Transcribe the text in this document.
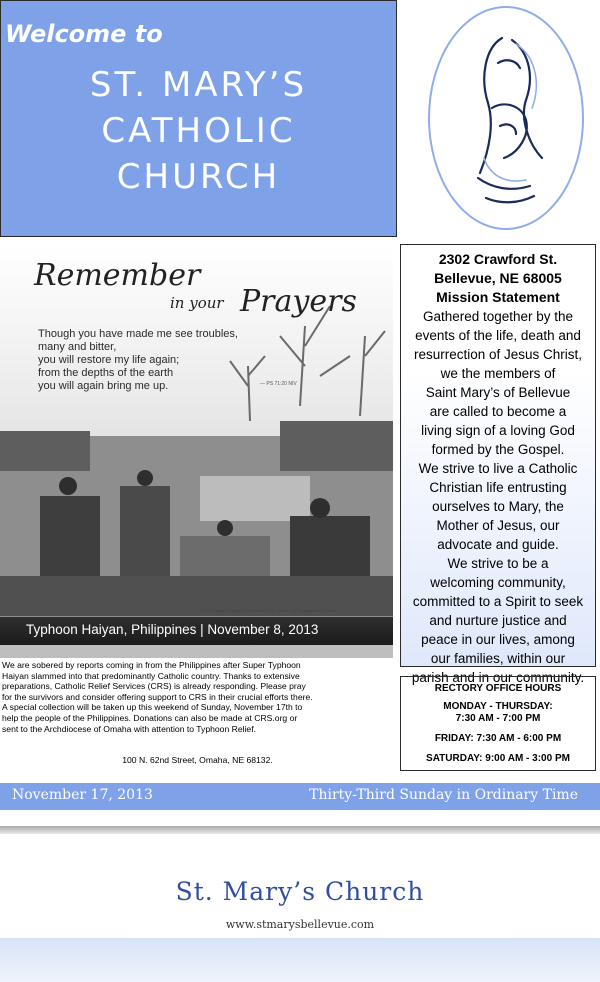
Welcome to
ST. MARY’S
CATHOLIC
CHURCH
Remember
in your Prayers
Though you have made me see troubles,
many and bitter,
you will restore my life again;
from the depths of the earth
you will again bring me up.	— PS 71:20 NIV
Cover Design © Liturgical Publications Inc | Photo ©AP Images/Aaron Favila
Typhoon Haiyan, Philippines | November 8, 2013
2302 Crawford St.
Bellevue, NE 68005
Mission Statement
Gathered together by the
events of the life, death and
resurrection of Jesus Christ,
we the members of
Saint Mary’s of Bellevue
are called to become a
living sign of a loving God
formed by the Gospel.
We strive to live a Catholic
Christian life entrusting
ourselves to Mary, the
Mother of Jesus, our
advocate and guide.
We strive to be a
welcoming community,
committed to a Spirit to seek
and nurture justice and
peace in our lives, among
our families, within our
parish and in our community.
RECTORY OFFICE HOURS
MONDAY - THURSDAY:
7:30 AM - 7:00 PM
FRIDAY: 7:30 AM - 6:00 PM
SATURDAY: 9:00 AM - 3:00 PM
We are sobered by reports coming in from the Philippines after Super Typhoon
Haiyan slammed into that predominantly Catholic country. Thanks to extensive
preparations, Catholic Relief Services (CRS) is already responding. Please pray
for the survivors and consider offering support to CRS in their crucial efforts there.
A special collection will be taken up this weekend of Sunday, November 17th to
help the people of the Philippines. Donations can also be made at CRS.org or
sent to the Archdiocese of Omaha with attention to Typhoon Relief.
100 N. 62nd Street, Omaha, NE 68132.
November 17, 2013	Thirty-Third Sunday in Ordinary Time
St. Mary’s Church
www.stmarysbellevue.com
